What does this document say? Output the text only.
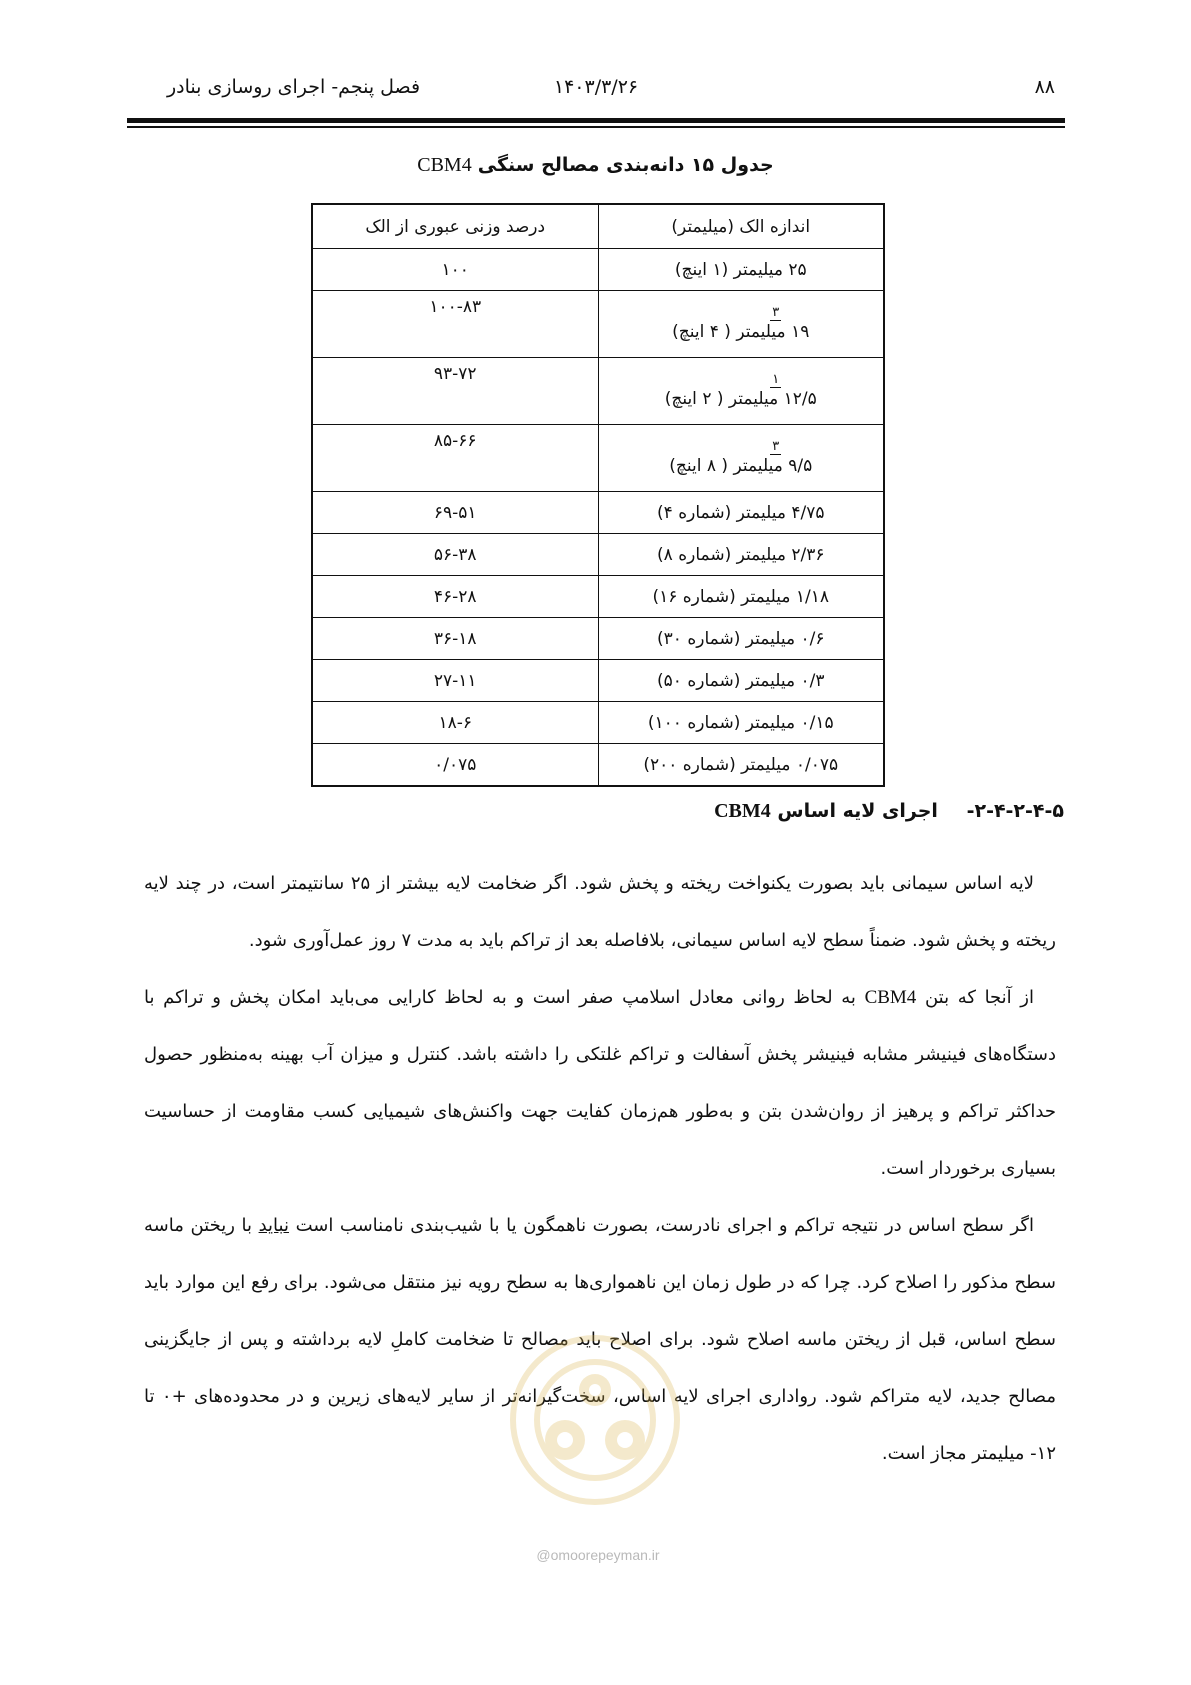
۸۸
۱۴۰۳/۳/۲۶
فصل پنجم- اجرای روسازی بنادر
جدول ۱۵ دانه‌بندی مصالح سنگی CBM4
اندازه الک (میلیمتر)	درصد وزنی عبوری از الک
۲۵ میلیمتر (۱ اینچ)	۱۰۰

۳
۱۹ میلیمتر ( ۴ اینچ)	۱۰۰-۸۳

۱
۱۲/۵ میلیمتر ( ۲ اینچ)	۹۳-۷۲

۳
۹/۵ میلیمتر ( ۸ اینچ)	۸۵-۶۶
۴/۷۵ میلیمتر (شماره ۴)	۶۹-۵۱
۲/۳۶ میلیمتر (شماره ۸)	۵۶-۳۸
۱/۱۸ میلیمتر (شماره ۱۶)	۴۶-۲۸
۰/۶ میلیمتر (شماره ۳۰)	۳۶-۱۸
۰/۳ میلیمتر (شماره ۵۰)	۲۷-۱۱
۰/۱۵ میلیمتر (شماره ۱۰۰)	۱۸-۶
۰/۰۷۵ میلیمتر (شماره ۲۰۰)	۰/۰۷۵
۲-۴-۲-۴-۵- اجرای لایه اساس CBM4

لایه اساس سیمانی باید بصورت یکنواخت ریخته و پخش شود. اگر ضخامت لایه بیشتر از ۲۵ سانتیمتر است، در چند لایه ریخته و پخش شود. ضمناً سطح لایه اساس سیمانی، بلافاصله بعد از تراکم باید به مدت ۷ روز عمل‌آوری شود.

از آنجا که بتن CBM4 به لحاظ روانی معادل اسلامپ صفر است و به لحاظ کارایی می‌باید امکان پخش و تراکم با دستگاه‌های فینیشر مشابه فینیشر پخش آسفالت و تراکم غلتکی را داشته باشد. کنترل و میزان آب بهینه به‌منظور حصول حداکثر تراکم و پرهیز از روان‌شدن بتن و به‌طور هم‌زمان کفایت جهت واکنش‌های شیمیایی کسب مقاومت از حساسیت بسیاری برخوردار است.

اگر سطح اساس در نتیجه تراکم و اجرای نادرست، بصورت ناهمگون یا با شیب‌بندی نامناسب است نباید با ریختن ماسه سطح مذکور را اصلاح کرد. چرا که در طول زمان این ناهمواری‌ها به سطح رویه نیز منتقل می‌شود. برای رفع این موارد باید سطح اساس، قبل از ریختن ماسه اصلاح شود. برای اصلاح باید مصالح تا ضخامت کاملِ لایه برداشته و پس از جایگزینی مصالح جدید، لایه متراکم شود. رواداری اجرای لایه اساس، سخت‌گیرانه‌تر از سایر لایه‌های زیرین و در محدوده‌های +۰ تا ۱۲- میلیمتر مجاز است.

@omoorepeyman.ir
